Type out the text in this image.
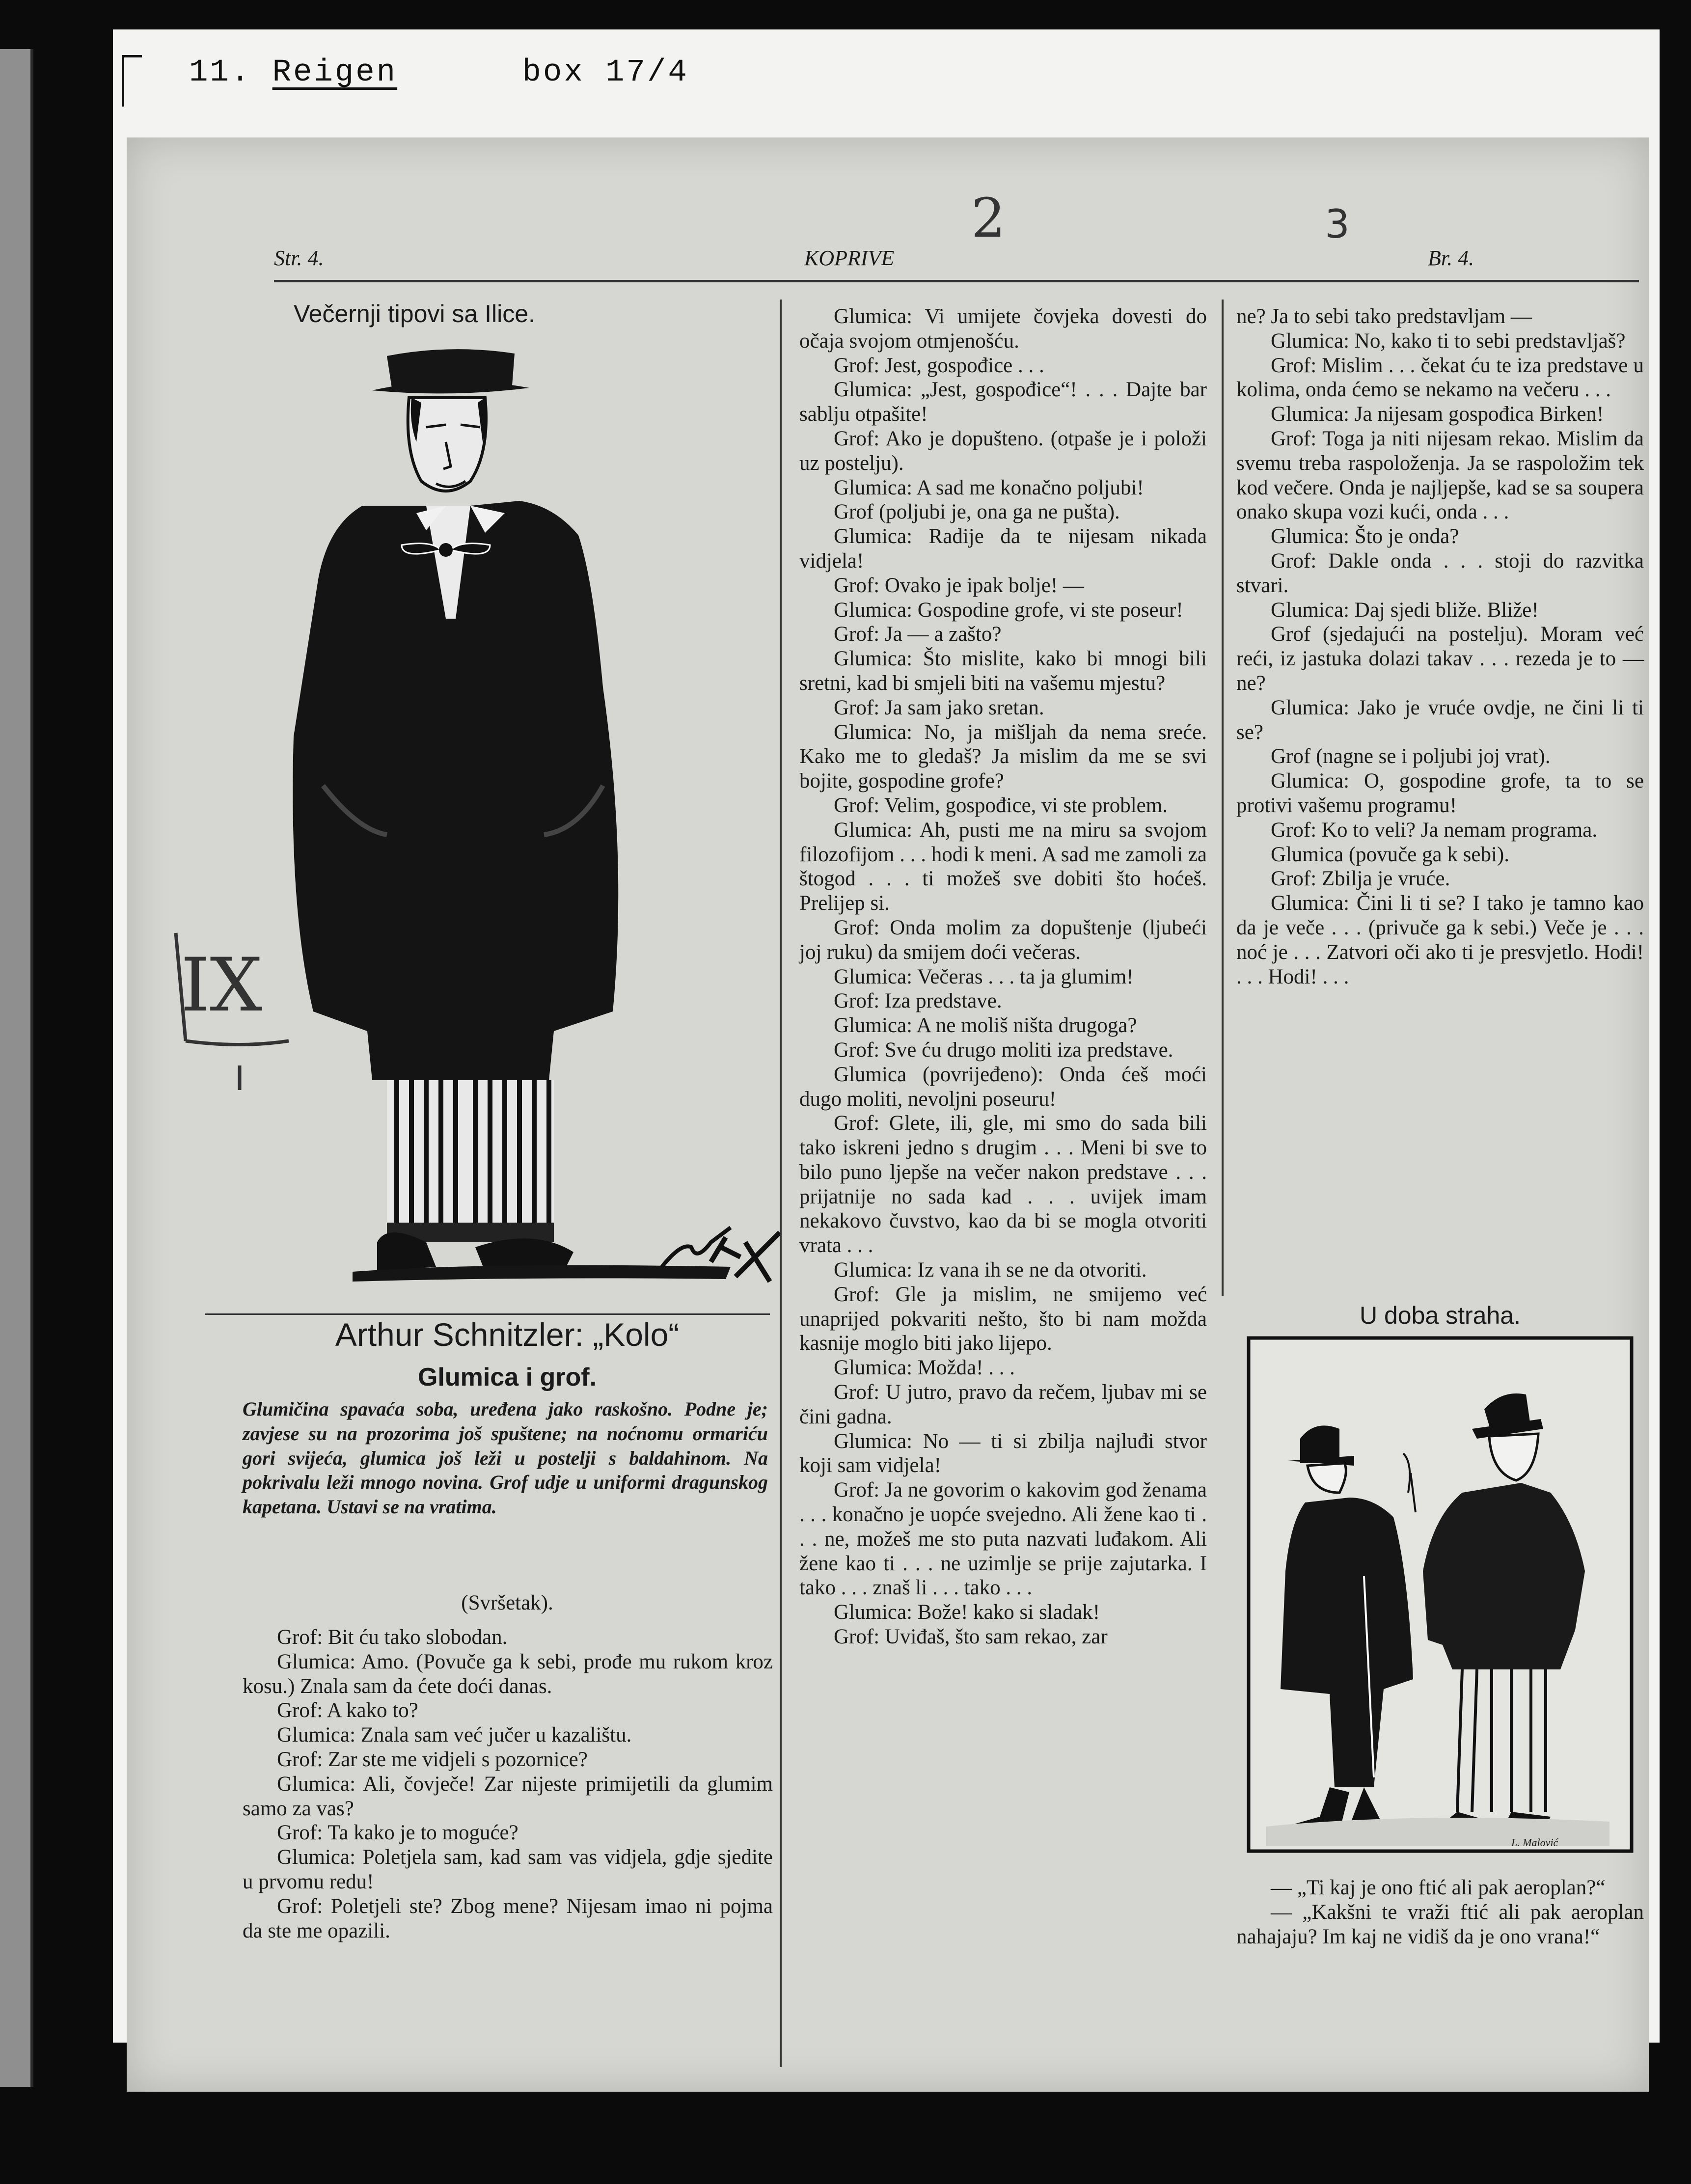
11. Reigen	box 17/4
Str. 4.	KOPRIVE	Br. 4.
2	3
IX
Večernji tipovi sa Ilice.
Arthur Schnitzler: „Kolo“
Glumica i grof.
Glumičina spavaća soba, uređena jako raskošno. Podne je; zavjese su na prozorima još spuštene; na noćnomu ormariću gori svijeća, glumica još leži u postelji s baldahinom. Na pokrivalu leži mnogo novina. Grof udje u uniformi dragunskog kapetana. Ustavi se na vratima.
(Svršetak).

Grof: Bit ću tako slobodan.

Glumica: Amo. (Povuče ga k sebi, prođe mu rukom kroz kosu.) Znala sam da ćete doći danas.

Grof: A kako to?

Glumica: Znala sam već jučer u kazalištu.

Grof: Zar ste me vidjeli s pozornice?

Glumica: Ali, čovječe! Zar nijeste primijetili da glumim samo za vas?

Grof: Ta kako je to moguće?

Glumica: Poletjela sam, kad sam vas vidjela, gdje sjedite u prvomu redu!

Grof: Poletjeli ste? Zbog mene? Nijesam imao ni pojma da ste me opazili.

Glumica: Vi umijete čovjeka dovesti do očaja svojom otmjenošću.

Grof: Jest, gospođice . . .

Glumica: „Jest, gospođice“! . . . Dajte bar sablju otpašite!

Grof: Ako je dopušteno. (otpaše je i položi uz postelju).

Glumica: A sad me konačno poljubi!

Grof (poljubi je, ona ga ne pušta).

Glumica: Radije da te nijesam nikada vidjela!

Grof: Ovako je ipak bolje! —

Glumica: Gospodine grofe, vi ste poseur!

Grof: Ja — a zašto?

Glumica: Što mislite, kako bi mnogi bili sretni, kad bi smjeli biti na vašemu mjestu?

Grof: Ja sam jako sretan.

Glumica: No, ja mišljah da nema sreće. Kako me to gledaš? Ja mislim da me se svi bojite, gospodine grofe?

Grof: Velim, gospođice, vi ste problem.

Glumica: Ah, pusti me na miru sa svojom filozofijom . . . hodi k meni. A sad me zamoli za štogod . . . ti možeš sve dobiti što hoćeš. Prelijep si.

Grof: Onda molim za dopuštenje (ljubeći joj ruku) da smijem doći večeras.

Glumica: Večeras . . . ta ja glumim!

Grof: Iza predstave.

Glumica: A ne moliš ništa drugoga?

Grof: Sve ću drugo moliti iza predstave.

Glumica (povrijeđeno): Onda ćeš moći dugo moliti, nevoljni poseuru!

Grof: Glete, ili, gle, mi smo do sada bili tako iskreni jedno s drugim . . . Meni bi sve to bilo puno ljepše na večer nakon predstave . . . prijatnije no sada kad . . . uvijek imam nekakovo čuvstvo, kao da bi se mogla otvoriti vrata . . .

Glumica: Iz vana ih se ne da otvoriti.

Grof: Gle ja mislim, ne smijemo već unaprijed pokvariti nešto, što bi nam možda kasnije moglo biti jako lijepo.

Glumica: Možda! . . .

Grof: U jutro, pravo da rečem, ljubav mi se čini gadna.

Glumica: No — ti si zbilja najluđi stvor koji sam vidjela!

Grof: Ja ne govorim o kakovim god ženama . . . konačno je uopće svejedno. Ali žene kao ti . . . ne, možeš me sto puta nazvati luđakom. Ali žene kao ti . . . ne uzimlje se prije zajutarka. I tako . . . znaš li . . . tako . . .

Glumica: Bože! kako si sladak!

Grof: Uviđaš, što sam rekao, zar

ne? Ja to sebi tako predstavljam —

Glumica: No, kako ti to sebi predstavljaš?

Grof: Mislim . . . čekat ću te iza predstave u kolima, onda ćemo se nekamo na večeru . . .

Glumica: Ja nijesam gospođica Birken!

Grof: Toga ja niti nijesam rekao. Mislim da svemu treba raspoloženja. Ja se raspoložim tek kod večere. Onda je najljepše, kad se sa soupera onako skupa vozi kući, onda . . .

Glumica: Što je onda?

Grof: Dakle onda . . . stoji do razvitka stvari.

Glumica: Daj sjedi bliže. Bliže!

Grof (sjedajući na postelju). Moram već reći, iz jastuka dolazi takav . . . rezeda je to — ne?

Glumica: Jako je vruće ovdje, ne čini li ti se?

Grof (nagne se i poljubi joj vrat).

Glumica: O, gospodine grofe, ta to se protivi vašemu programu!

Grof: Ko to veli? Ja nemam programa.

Glumica (povuče ga k sebi).

Grof: Zbilja je vruće.

Glumica: Čini li ti se? I tako je tamno kao da je veče . . . (privuče ga k sebi.) Veče je . . . noć je . . . Zatvori oči ako ti je presvjetlo. Hodi! . . . Hodi! . . .

U doba straha.
L. Malović

— „Ti kaj je ono ftić ali pak aeroplan?“

— „Kakšni te vraži ftić ali pak aeroplan nahajaju? Im kaj ne vidiš da je ono vrana!“
